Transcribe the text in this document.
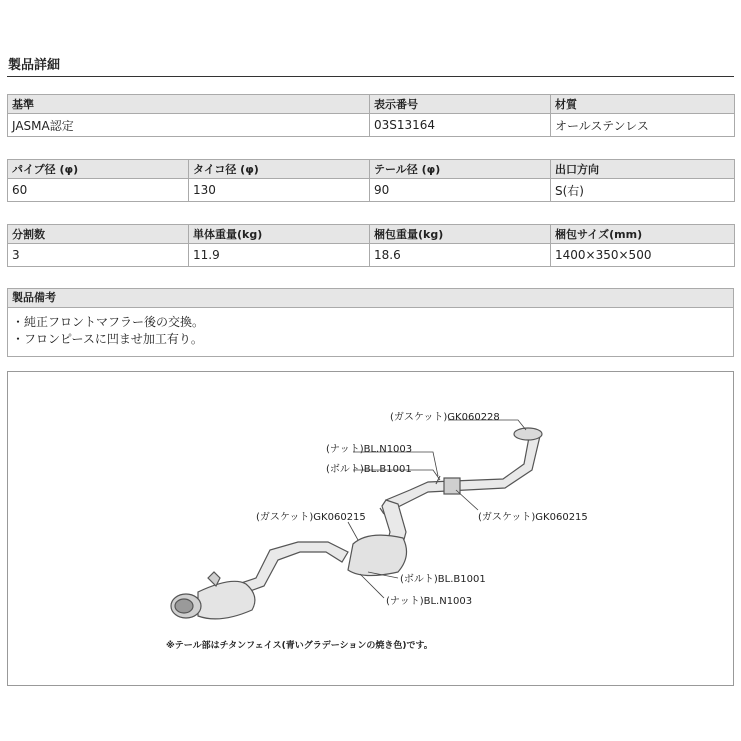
製品詳細
基準	表示番号	材質
JASMA認定	03S13164	オールステンレス
パイプ径 (φ)	タイコ径 (φ)	テール径 (φ)	出口方向
60	130	90	S(右)
分割数	単体重量(kg)	梱包重量(kg)	梱包サイズ(mm)
3	11.9	18.6	1400×350×500
製品備考
・純正フロントマフラー後の交換。
・フロンピースに凹ませ加工有り。
(ガスケット)GK060228
(ナット)BL.N1003
(ボルト)BL.B1001
(ガスケット)GK060215
(ガスケット)GK060215
(ボルト)BL.B1001
(ナット)BL.N1003
※テール部はチタンフェイス(青いグラデーションの焼き色)です。
